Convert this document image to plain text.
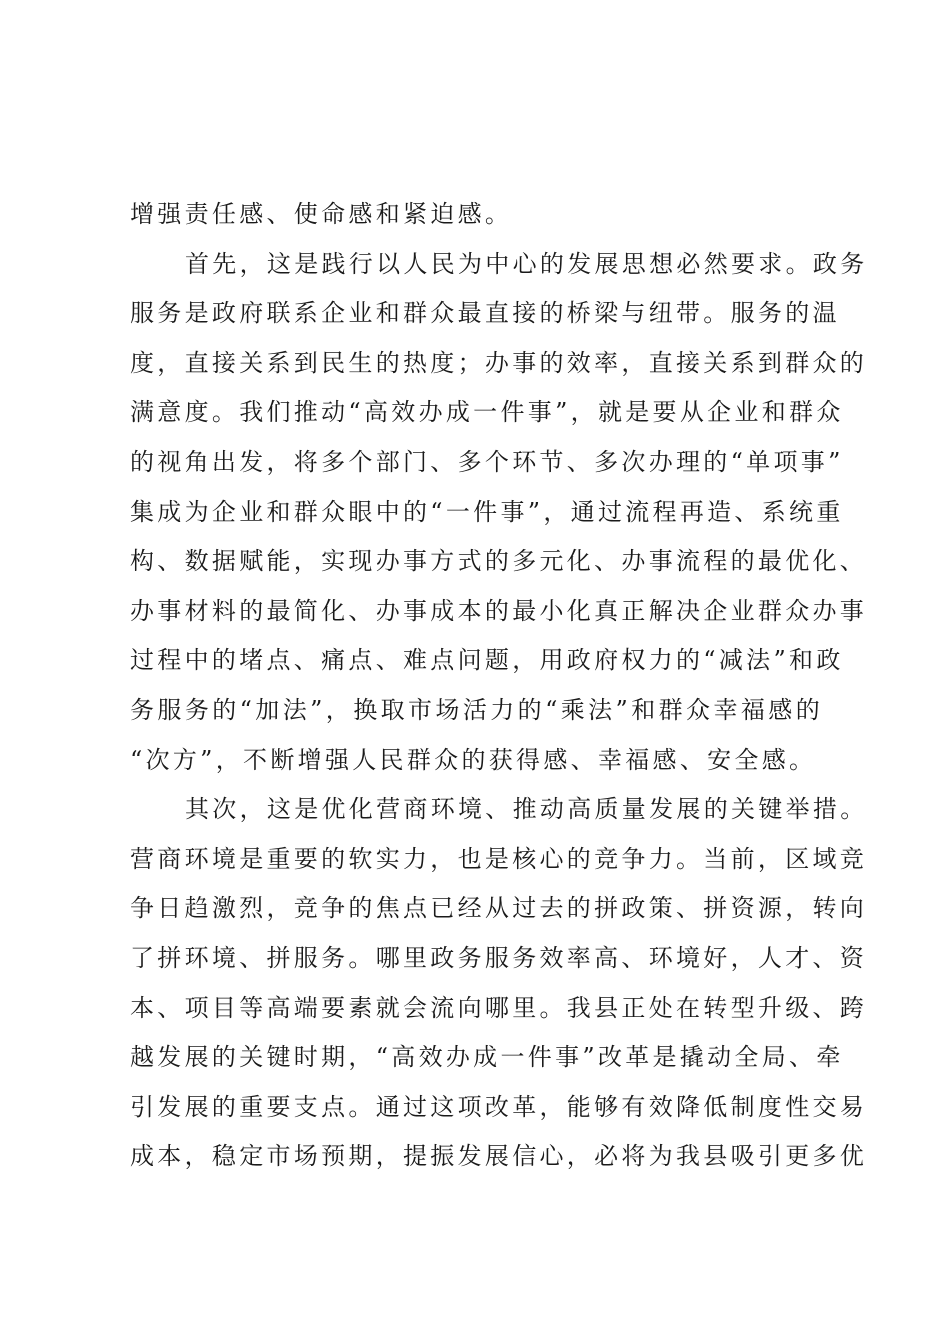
增强责任感、使命感和紧迫感。
首先，这是践行以人民为中心的发展思想必然要求。政务
服务是政府联系企业和群众最直接的桥梁与纽带。服务的温
度，直接关系到民生的热度；办事的效率，直接关系到群众的
满意度。我们推动“高效办成一件事”，就是要从企业和群众
的视角出发，将多个部门、多个环节、多次办理的“单项事”
集成为企业和群众眼中的“一件事”，通过流程再造、系统重
构、数据赋能，实现办事方式的多元化、办事流程的最优化、
办事材料的最简化、办事成本的最小化真正解决企业群众办事
过程中的堵点、痛点、难点问题，用政府权力的“减法”和政
务服务的“加法”，换取市场活力的“乘法”和群众幸福感的
“次方”，不断增强人民群众的获得感、幸福感、安全感。
其次，这是优化营商环境、推动高质量发展的关键举措。
营商环境是重要的软实力，也是核心的竞争力。当前，区域竞
争日趋激烈，竞争的焦点已经从过去的拼政策、拼资源，转向
了拼环境、拼服务。哪里政务服务效率高、环境好，人才、资
本、项目等高端要素就会流向哪里。我县正处在转型升级、跨
越发展的关键时期，“高效办成一件事”改革是撬动全局、牵
引发展的重要支点。通过这项改革，能够有效降低制度性交易
成本，稳定市场预期，提振发展信心，必将为我县吸引更多优
